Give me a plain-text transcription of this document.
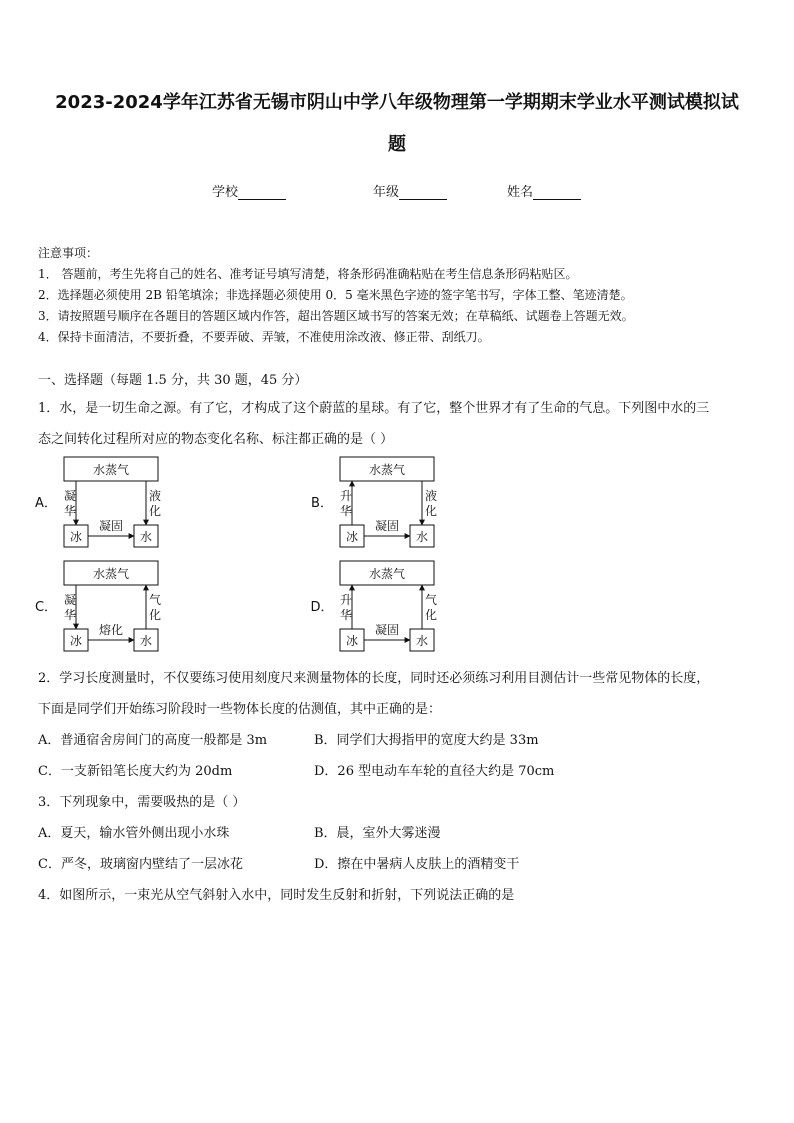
2023-2024学年江苏省无锡市阴山中学八年级物理第一学期期末学业水平测试模拟试
题
学校	年级	姓名
注意事项：
1． 答题前，考生先将自己的姓名、准考证号填写清楚，将条形码准确粘贴在考生信息条形码粘贴区。
2．选择题必须使用 2B 铅笔填涂；非选择题必须使用 0．5 毫米黑色字迹的签字笔书写，字体工整、笔迹清楚。
3．请按照题号顺序在各题目的答题区域内作答，超出答题区域书写的答案无效；在草稿纸、试题卷上答题无效。
4．保持卡面清洁，不要折叠，不要弄破、弄皱，不准使用涂改液、修正带、刮纸刀。
一、选择题（每题 1.5 分，共 30 题，45 分）
1．水，是一切生命之源。有了它，才构成了这个蔚蓝的星球。有了它，整个世界才有了生命的气息。下列图中水的三
态之间转化过程所对应的物态变化名称、标注都正确的是（ ）
A．
水蒸气
冰	水
凝
华
液
化
凝固
B．
水蒸气
冰	水
升
华
液
化
凝固
C．
水蒸气
冰	水
凝
华
气
化
熔化
D．
水蒸气
冰	水
升
华
气
化
凝固
2．学习长度测量时，不仅要练习使用刻度尺来测量物体的长度，同时还必须练习利用目测估计一些常见物体的长度，
下面是同学们开始练习阶段时一些物体长度的估测值，其中正确的是：
A．普通宿舍房间门的高度一般都是 3m	B．同学们大拇指甲的宽度大约是 33m
C．一支新铅笔长度大约为 20dm	D．26 型电动车车轮的直径大约是 70cm
3．下列现象中，需要吸热的是（ ）
A．夏天，输水管外侧出现小水珠	B．晨，室外大雾迷漫
C．严冬，玻璃窗内壁结了一层冰花	D．擦在中暑病人皮肤上的酒精变干
4．如图所示，一束光从空气斜射入水中，同时发生反射和折射，下列说法正确的是
